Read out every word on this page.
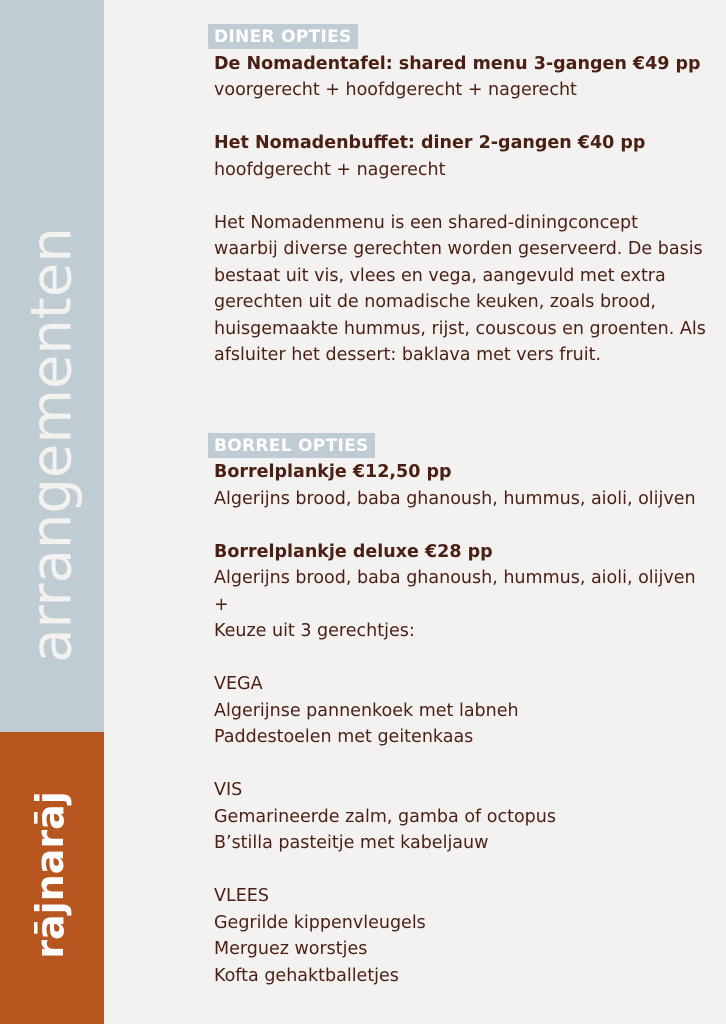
arrangementen
rājnarāj
DINER OPTIES

De Nomadentafel: shared menu 3-gangen €49 pp

voorgerecht + hoofdgerecht + nagerecht

Het Nomadenbuffet: diner 2-gangen €40 pp

hoofdgerecht + nagerecht

Het Nomadenmenu is een shared-diningconcept

waarbij diverse gerechten worden geserveerd. De basis

bestaat uit vis, vlees en vega, aangevuld met extra

gerechten uit de nomadische keuken, zoals brood,

huisgemaakte hummus, rijst, couscous en groenten. Als

afsluiter het dessert: baklava met vers fruit.

BORREL OPTIES

Borrelplankje €12,50 pp

Algerijns brood, baba ghanoush, hummus, aioli, olijven

Borrelplankje deluxe €28 pp

Algerijns brood, baba ghanoush, hummus, aioli, olijven

+

Keuze uit 3 gerechtjes:

VEGA

Algerijnse pannenkoek met labneh

Paddestoelen met geitenkaas

VIS

Gemarineerde zalm, gamba of octopus

B’stilla pasteitje met kabeljauw

VLEES

Gegrilde kippenvleugels

Merguez worstjes

Kofta gehaktballetjes
